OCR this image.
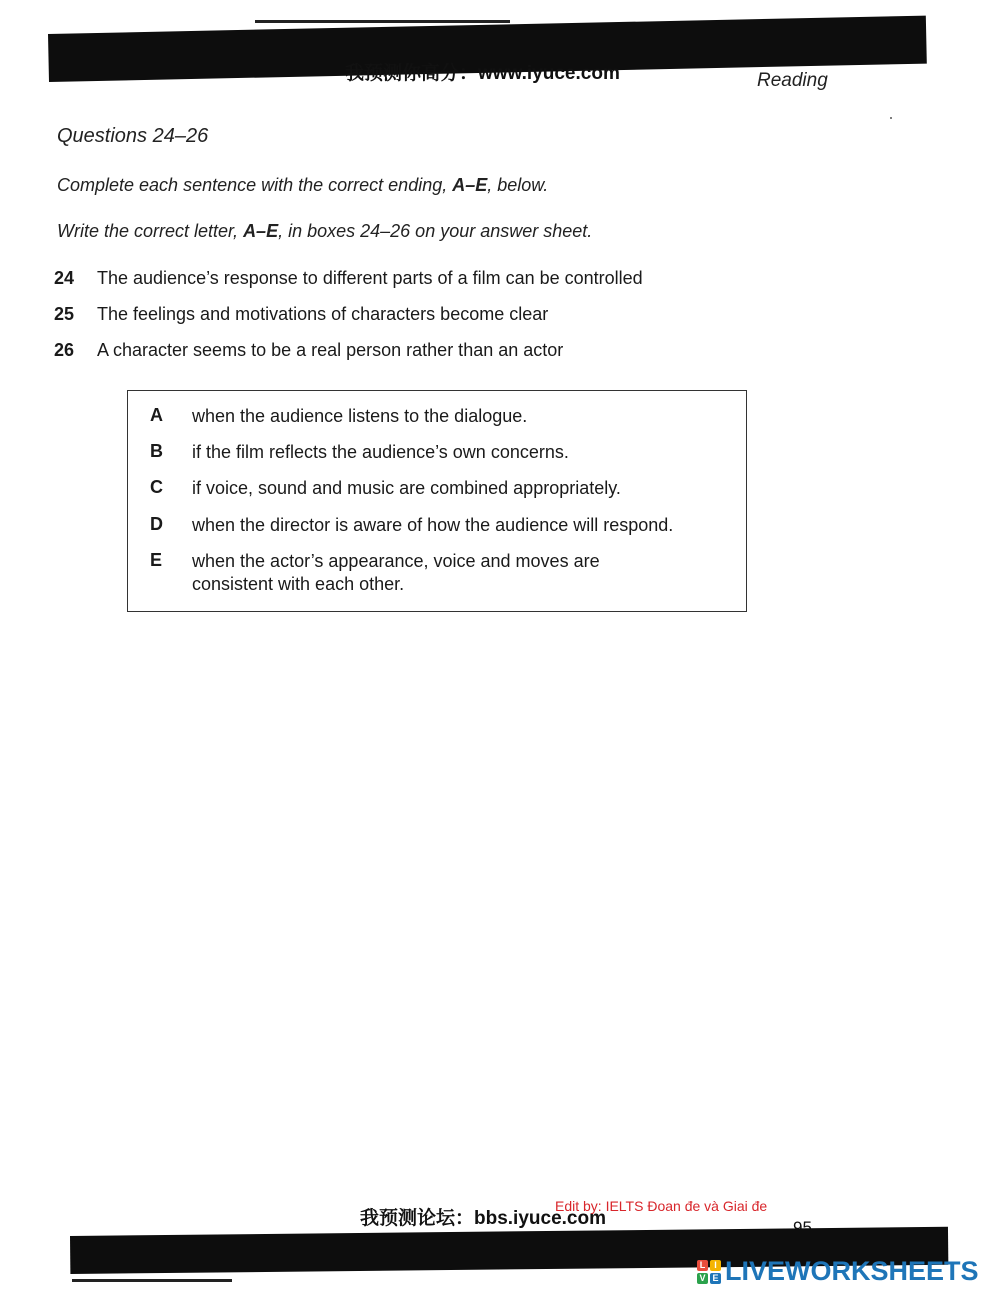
我预测你高分：www.iyuce.com	Reading
Questions 24–26
Complete each sentence with the correct ending, A–E, below.
Write the correct letter, A–E, in boxes 24–26 on your answer sheet.
24	The audience’s response to different parts of a film can be controlled
25	The feelings and motivations of characters become clear
26	A character seems to be a real person rather than an actor
A	when the audience listens to the dialogue.
B	if the film reflects the audience’s own concerns.
C	if voice, sound and music are combined appropriately.
D	when the director is aware of how the audience will respond.
E	when the actor’s appearance, voice and moves are
consistent with each other.
我预测论坛：bbs.iyuce.com
Edit by: IELTS Đoan đe và Giai đe
L I
V E LIVEWORKSHEETS
